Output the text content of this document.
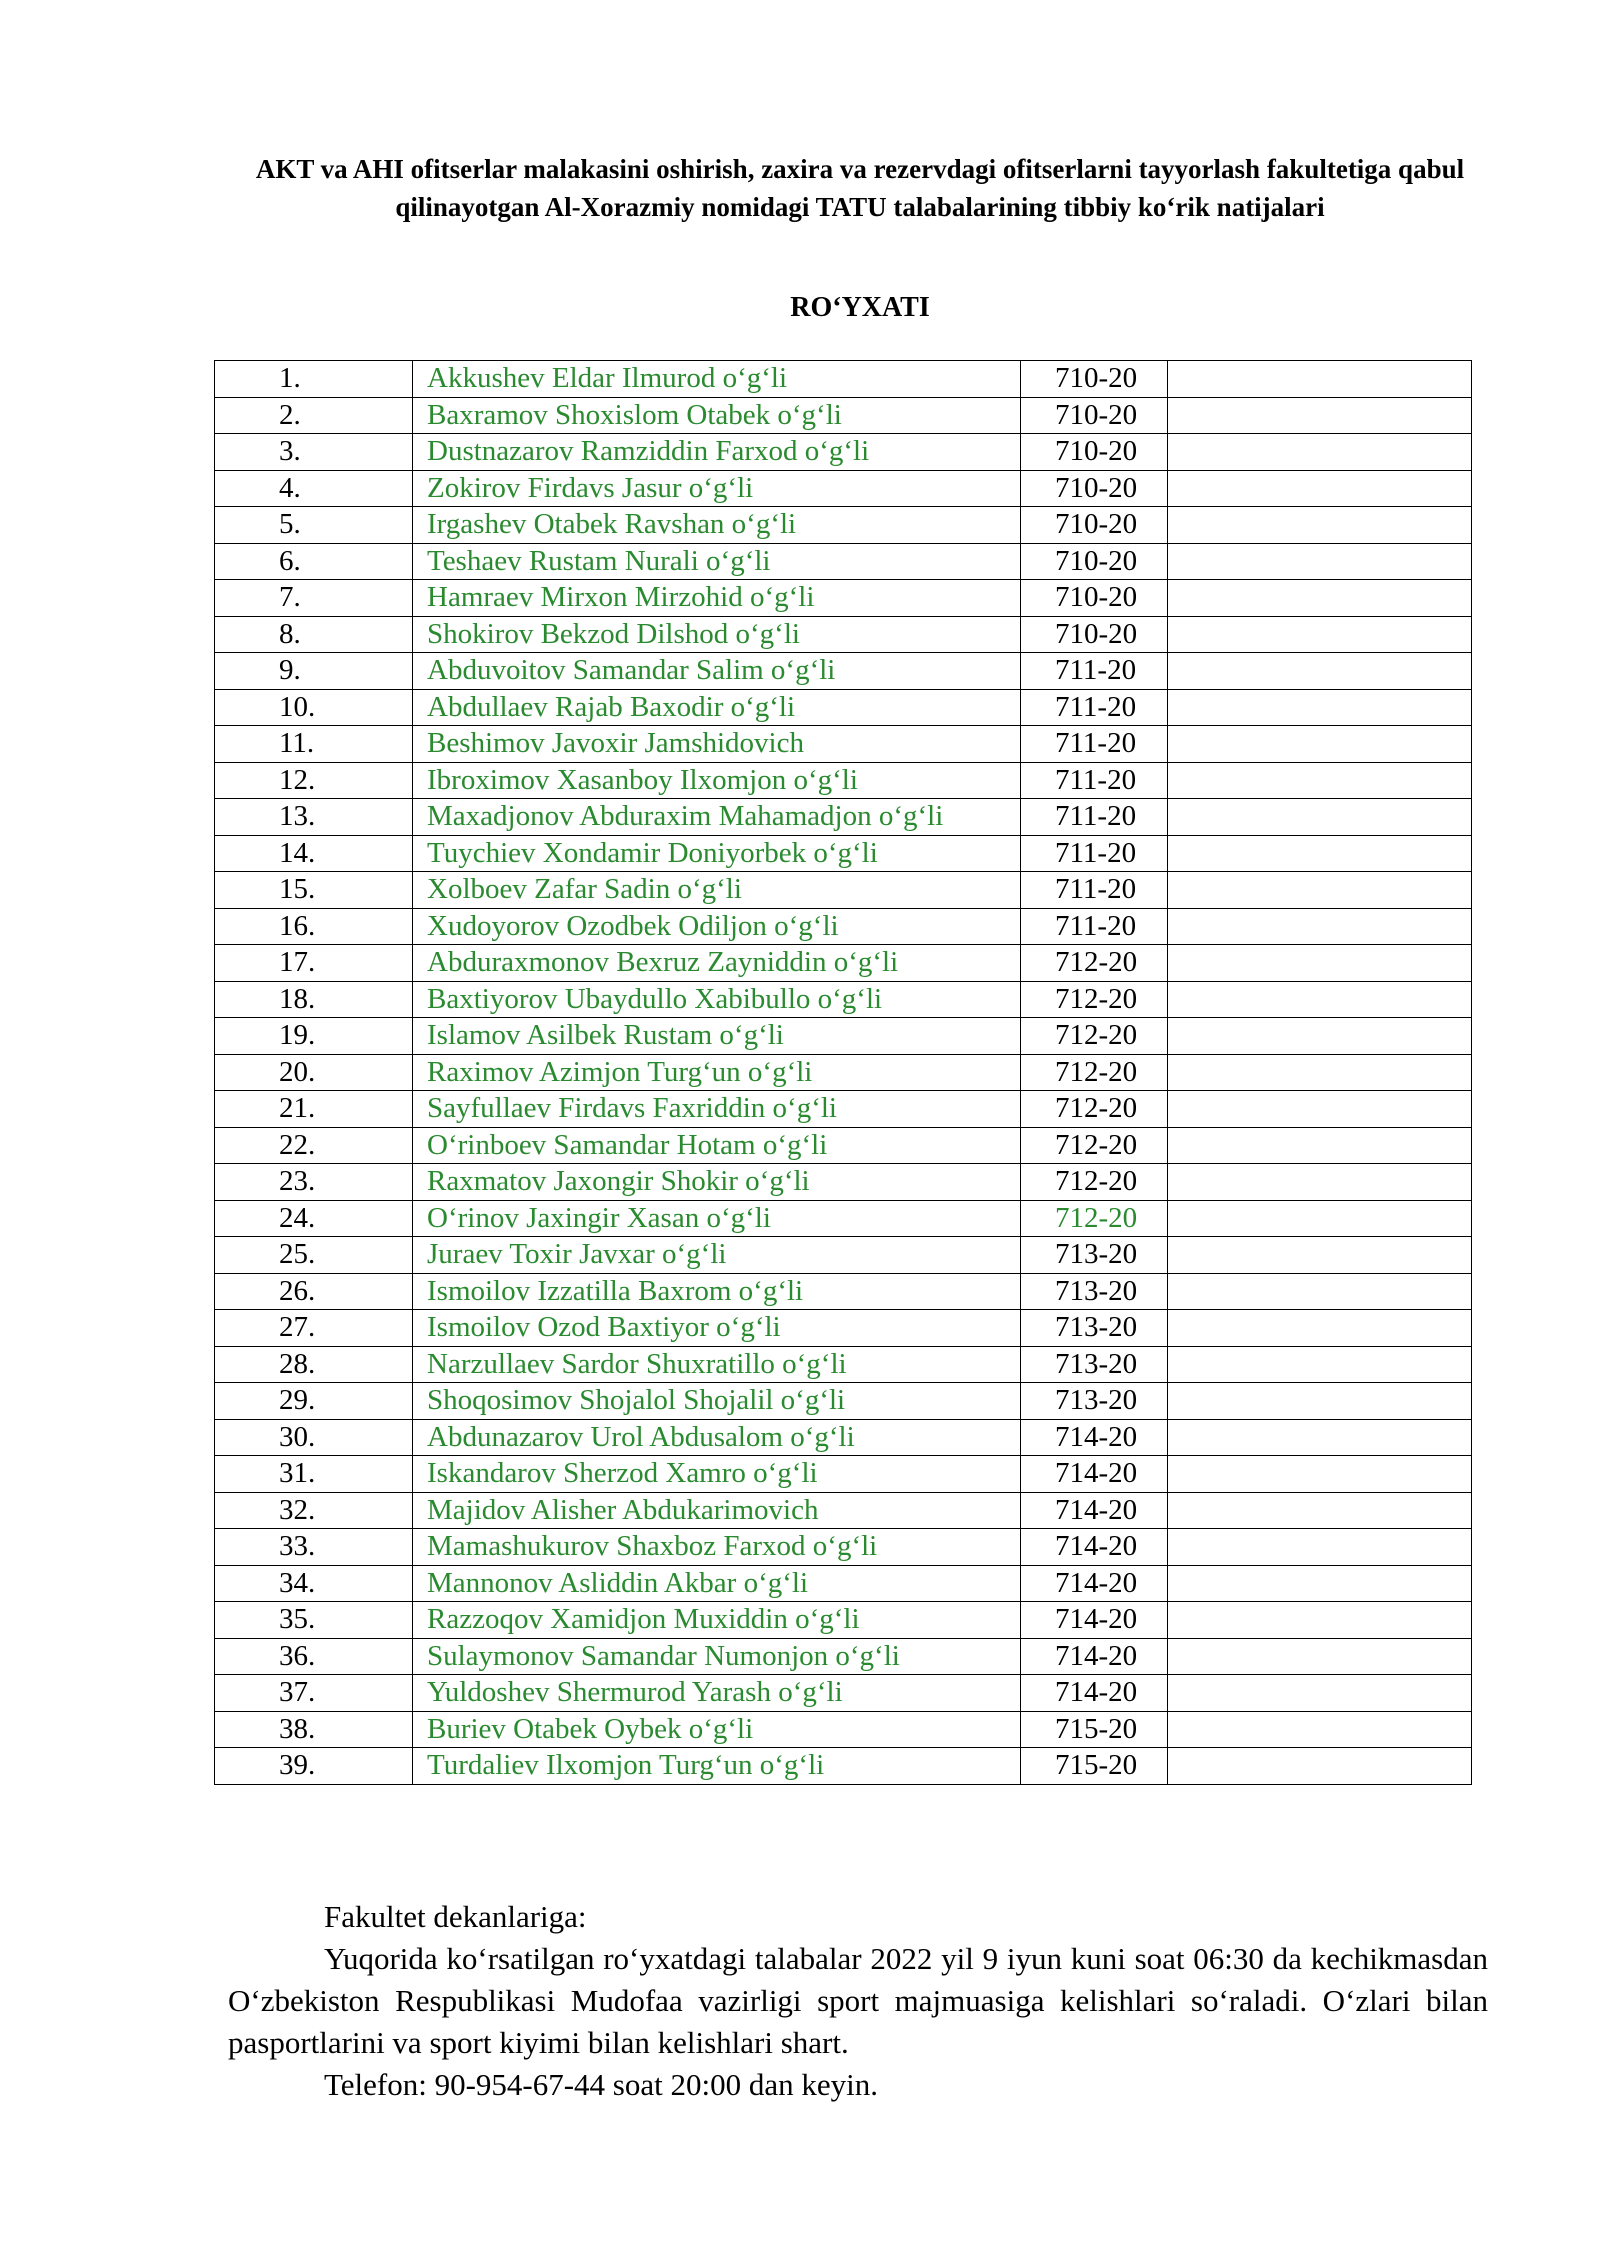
AKT va AHI ofitserlar malakasini oshirish, zaxira va rezervdagi ofitserlarni tayyorlash fakultetiga qabul qilinayotgan Al-Xorazmiy nomidagi TATU talabalarining tibbiy koʻrik natijalari
ROʻYXATI
1.	Akkushev Eldar Ilmurod oʻgʻli	710-20	
2.	Baxramov Shoxislom Otabek oʻgʻli	710-20	
3.	Dustnazarov Ramziddin Farxod oʻgʻli	710-20	
4.	Zokirov Firdavs Jasur oʻgʻli	710-20	
5.	Irgashev Otabek Ravshan oʻgʻli	710-20	
6.	Teshaev Rustam Nurali oʻgʻli	710-20	
7.	Hamraev Mirxon Mirzohid oʻgʻli	710-20	
8.	Shokirov Bekzod Dilshod oʻgʻli	710-20	
9.	Abduvoitov Samandar Salim oʻgʻli	711-20	
10.	Abdullaev Rajab Baxodir oʻgʻli	711-20	
11.	Beshimov Javoxir Jamshidovich	711-20	
12.	Ibroximov Xasanboy Ilxomjon oʻgʻli	711-20	
13.	Maxadjonov Abduraxim Mahamadjon oʻgʻli	711-20	
14.	Tuychiev Xondamir Doniyorbek oʻgʻli	711-20	
15.	Xolboev Zafar Sadin oʻgʻli	711-20	
16.	Xudoyorov Ozodbek Odiljon oʻgʻli	711-20	
17.	Abduraxmonov Bexruz Zayniddin oʻgʻli	712-20	
18.	Baxtiyorov Ubaydullo Xabibullo oʻgʻli	712-20	
19.	Islamov Asilbek Rustam oʻgʻli	712-20	
20.	Raximov Azimjon Turgʻun oʻgʻli	712-20	
21.	Sayfullaev Firdavs Faxriddin oʻgʻli	712-20	
22.	Oʻrinboev Samandar Hotam oʻgʻli	712-20	
23.	Raxmatov Jaxongir Shokir oʻgʻli	712-20	
24.	Oʻrinov Jaxingir Xasan oʻgʻli	712-20	
25.	Juraev Toxir Javxar oʻgʻli	713-20	
26.	Ismoilov Izzatilla Baxrom oʻgʻli	713-20	
27.	Ismoilov Ozod Baxtiyor oʻgʻli	713-20	
28.	Narzullaev Sardor Shuxratillo oʻgʻli	713-20	
29.	Shoqosimov Shojalol Shojalil oʻgʻli	713-20	
30.	Abdunazarov Urol Abdusalom oʻgʻli	714-20	
31.	Iskandarov Sherzod Xamro oʻgʻli	714-20	
32.	Majidov Alisher Abdukarimovich	714-20	
33.	Mamashukurov Shaxboz Farxod oʻgʻli	714-20	
34.	Mannonov Asliddin Akbar oʻgʻli	714-20	
35.	Razzoqov Xamidjon Muxiddin oʻgʻli	714-20	
36.	Sulaymonov Samandar Numonjon oʻgʻli	714-20	
37.	Yuldoshev Shermurod Yarash oʻgʻli	714-20	
38.	Buriev Otabek Oybek oʻgʻli	715-20	
39.	Turdaliev Ilxomjon Turgʻun oʻgʻli	715-20	

Fakultet dekanlariga:

Yuqorida koʻrsatilgan roʻyxatdagi talabalar 2022 yil 9 iyun kuni soat 06:30 da kechikmasdan Oʻzbekiston Respublikasi Mudofaa vazirligi sport majmuasiga kelishlari soʻraladi. Oʻzlari bilan pasportlarini va sport kiyimi bilan kelishlari shart.

Telefon: 90-954-67-44 soat 20:00 dan keyin.
